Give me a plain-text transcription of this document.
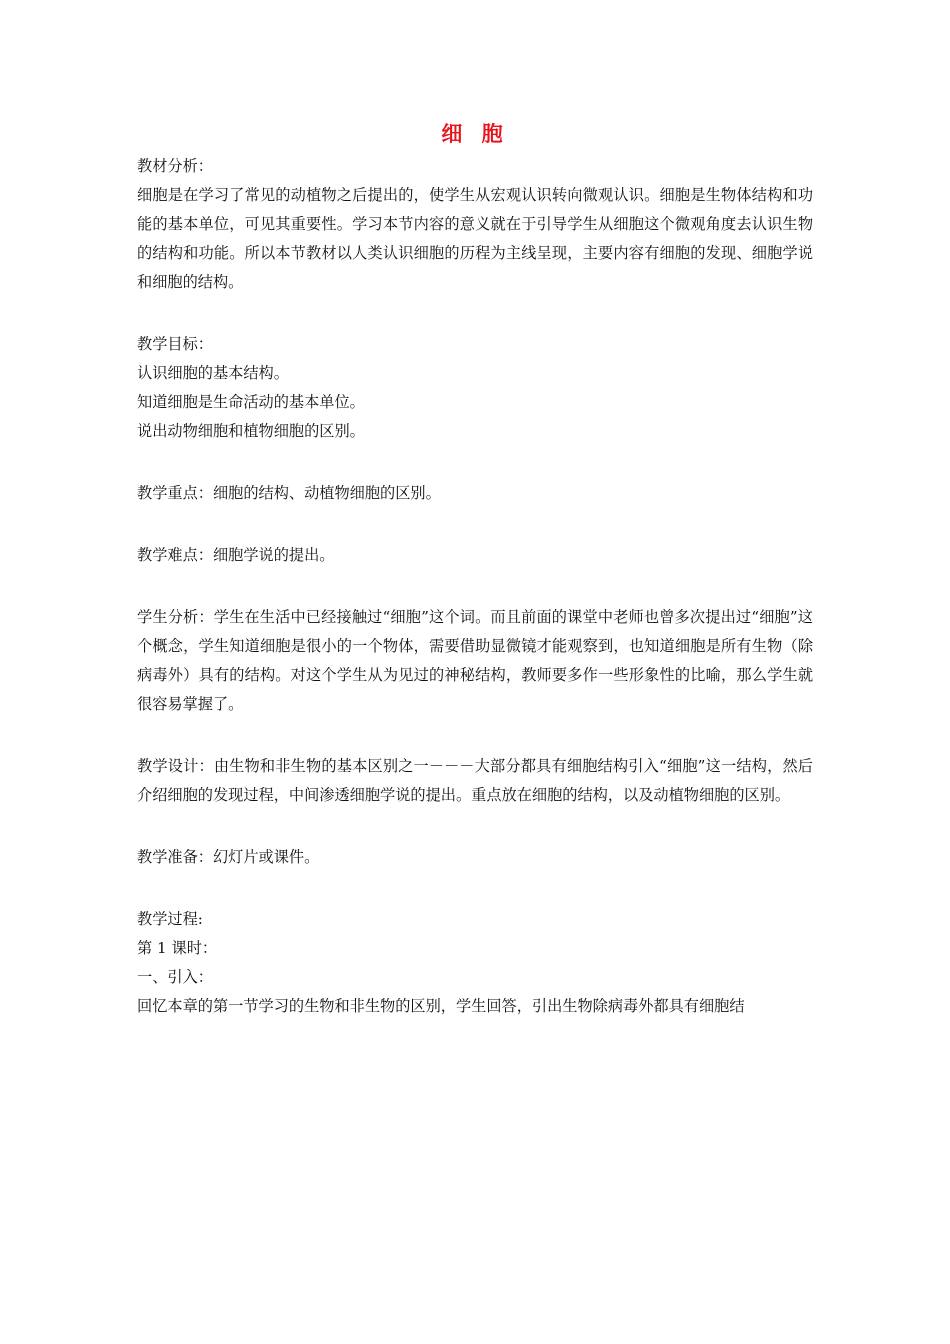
细 胞
教材分析：
细胞是在学习了常见的动植物之后提出的，使学生从宏观认识转向微观认识。细胞是生物体结构和功能的基本单位，可见其重要性。学习本节内容的意义就在于引导学生从细胞这个微观角度去认识生物的结构和功能。所以本节教材以人类认识细胞的历程为主线呈现，主要内容有细胞的发现、细胞学说和细胞的结构。
教学目标：
认识细胞的基本结构。
知道细胞是生命活动的基本单位。
说出动物细胞和植物细胞的区别。
教学重点：细胞的结构、动植物细胞的区别。
教学难点：细胞学说的提出。
学生分析：学生在生活中已经接触过“细胞”这个词。而且前面的课堂中老师也曾多次提出过“细胞”这个概念，学生知道细胞是很小的一个物体，需要借助显微镜才能观察到，也知道细胞是所有生物（除病毒外）具有的结构。对这个学生从为见过的神秘结构，教师要多作一些形象性的比喻，那么学生就很容易掌握了。
教学设计：由生物和非生物的基本区别之一－－－大部分都具有细胞结构引入“细胞”这一结构，然后介绍细胞的发现过程，中间渗透细胞学说的提出。重点放在细胞的结构，以及动植物细胞的区别。
教学准备：幻灯片或课件。
教学过程:
第 1 课时：
一、引入：
回忆本章的第一节学习的生物和非生物的区别，学生回答，引出生物除病毒外都具有细胞结
